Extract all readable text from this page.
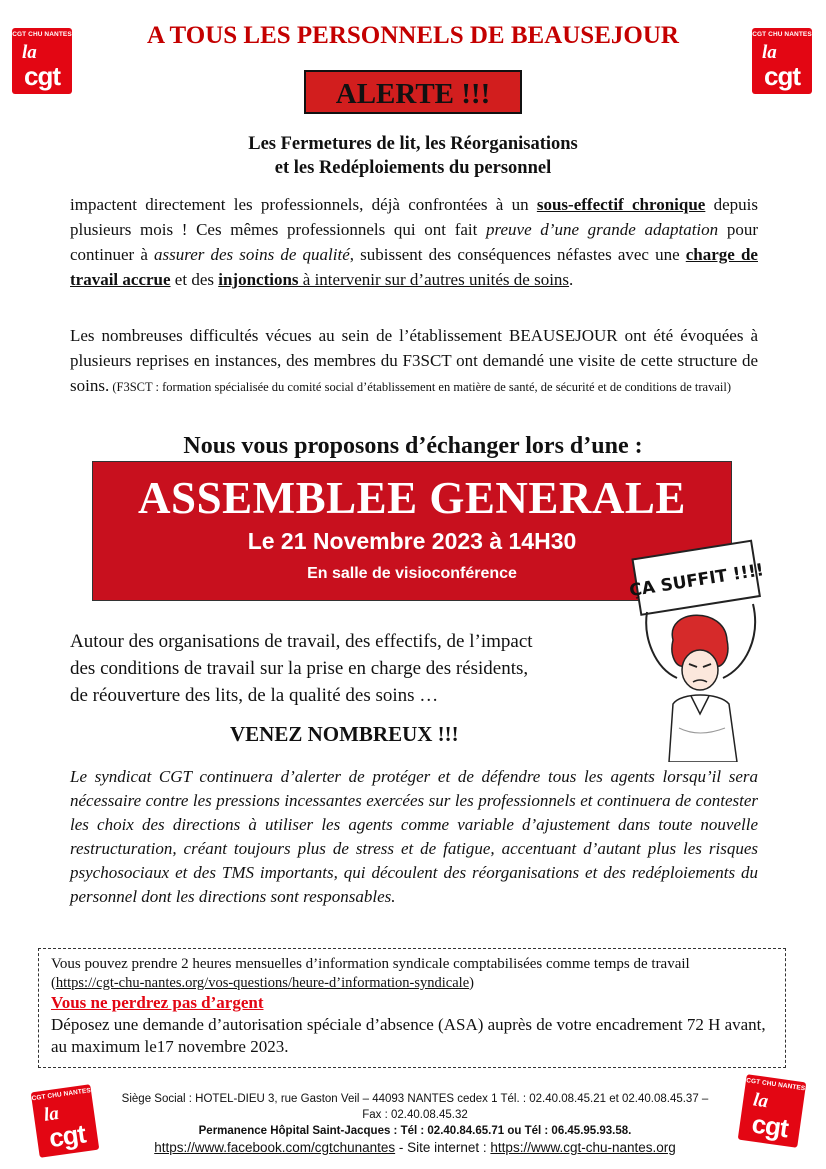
CGT CHU NANTES
la
cgt
CGT CHU NANTES
la
cgt
A TOUS LES PERSONNELS DE BEAUSEJOUR
ALERTE !!!
Les Fermetures de lit, les Réorganisations
et les Redéploiements du personnel
impactent directement les professionnels, déjà confrontées à un sous-effectif chronique depuis plusieurs mois ! Ces mêmes professionnels qui ont fait preuve d’une grande adaptation pour continuer à assurer des soins de qualité, subissent des conséquences néfastes avec une charge de travail accrue et des injonctions à intervenir sur d’autres unités de soins.
Les nombreuses difficultés vécues au sein de l’établissement BEAUSEJOUR ont été évoquées à plusieurs reprises en instances, des membres du F3SCT ont demandé une visite de cette structure de soins. (F3SCT : formation spécialisée du comité social d’établissement en matière de santé, de sécurité et de conditions de travail)
Nous vous proposons d’échanger lors d’une :
ASSEMBLEE GENERALE
Le 21 Novembre 2023 à 14H30
En salle de visioconférence	ÇA SUFFIT !!!!
Autour des organisations de travail, des effectifs, de l’impact
des conditions de travail sur la prise en charge des résidents,
de réouverture des lits, de la qualité des soins …
VENEZ NOMBREUX !!!
Le syndicat CGT continuera d’alerter de protéger et de défendre tous les agents lorsqu’il sera nécessaire contre les pressions incessantes exercées sur les professionnels et continuera de contester les choix des directions à utiliser les agents comme variable d’ajustement dans toute nouvelle restructuration, créant toujours plus de stress et de fatigue, accentuant d’autant plus les risques psychosociaux et des TMS importants, qui découlent des réorganisations et des redéploiements du personnel dont les directions sont responsables.
Vous pouvez prendre 2 heures mensuelles d’information syndicale comptabilisées comme temps de travail
(https://cgt-chu-nantes.org/vos-questions/heure-d’information-syndicale)
Vous ne perdrez pas d’argent
Déposez une demande d’autorisation spéciale d’absence (ASA) auprès de votre encadrement 72 H avant, au maximum le17 novembre 2023.
CGT CHU NANTES
la
cgt
CGT CHU NANTES
la
cgt
Siège Social : HOTEL-DIEU 3, rue Gaston Veil – 44093 NANTES cedex 1 Tél. : 02.40.08.45.21 et 02.40.08.45.37 –
Fax : 02.40.08.45.32
Permanence Hôpital Saint-Jacques : Tél : 02.40.84.65.71 ou Tél : 06.45.95.93.58.
https://www.facebook.com/cgtchunantes - Site internet : https://www.cgt-chu-nantes.org
